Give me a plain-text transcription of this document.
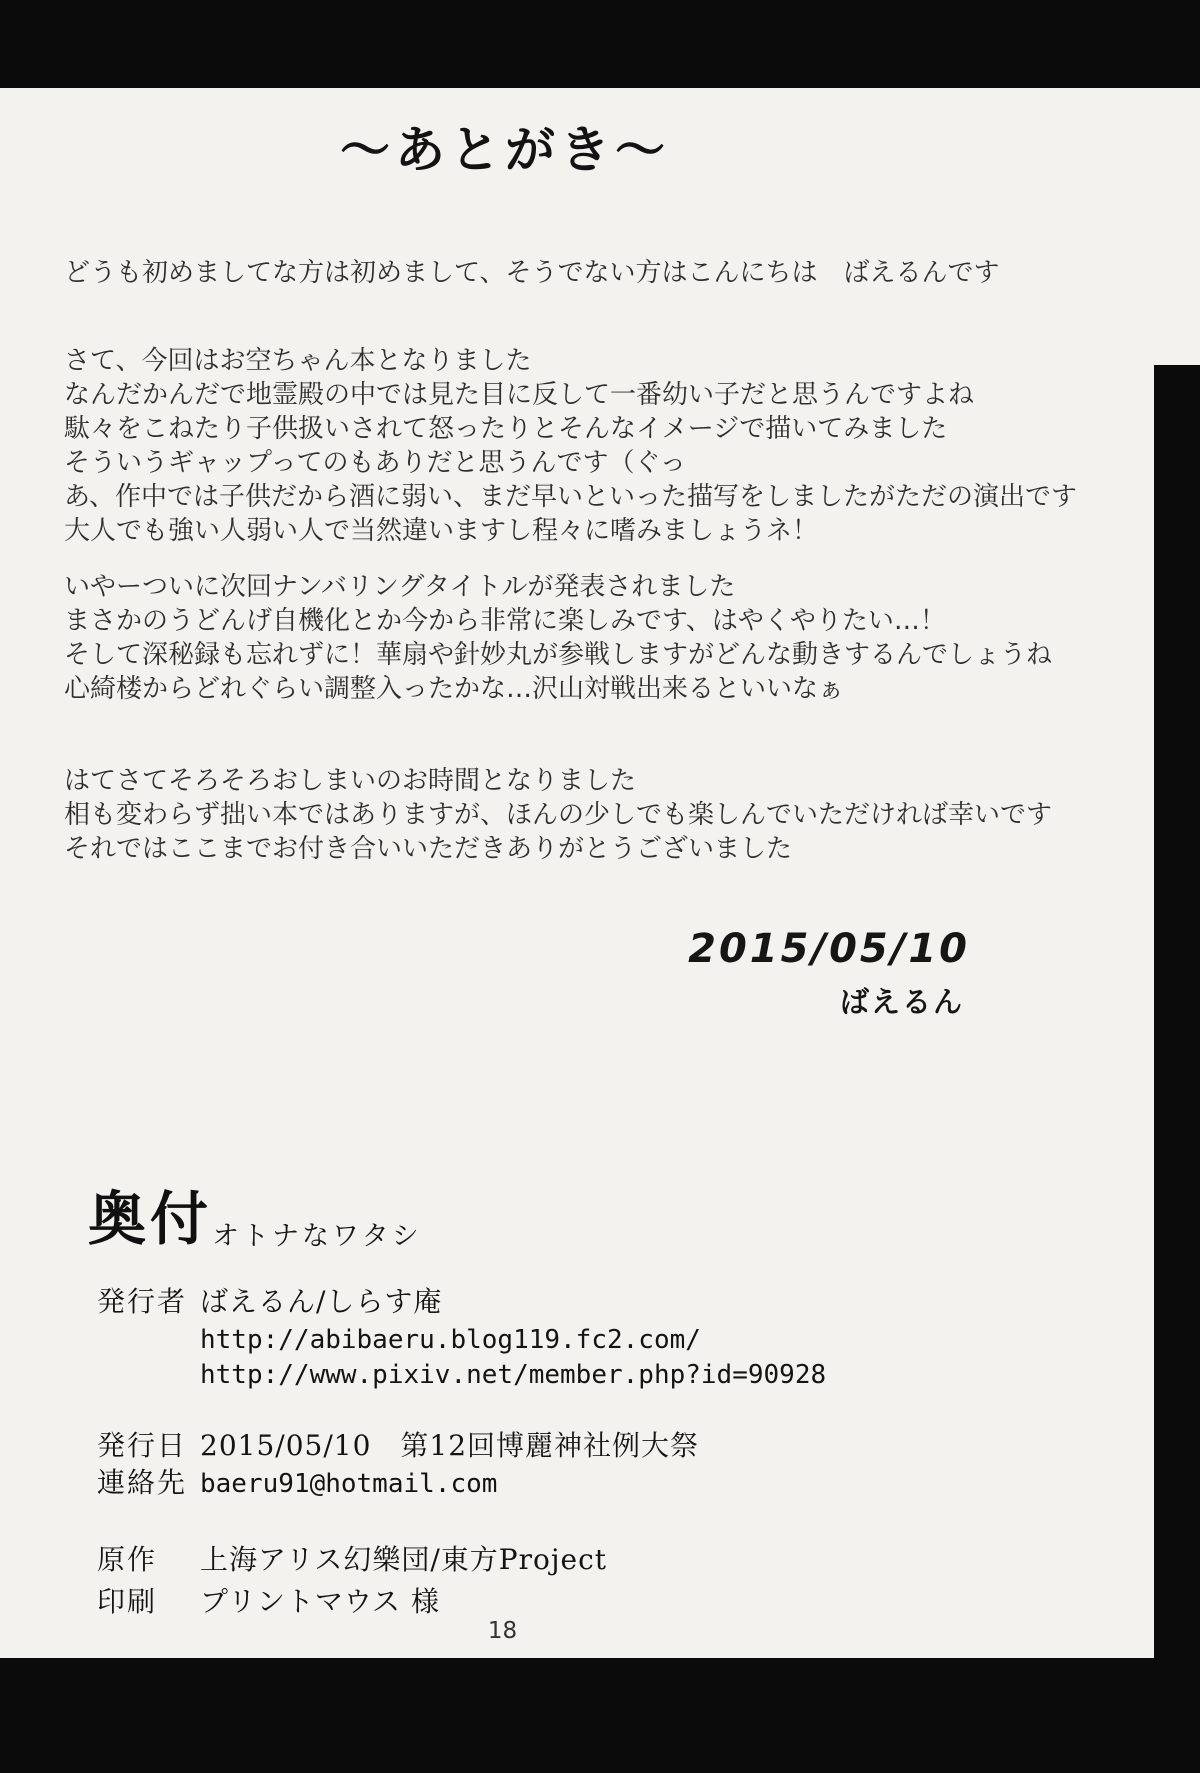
～あとがき～
どうも初めましてな方は初めまして、そうでない方はこんにちは　ばえるんです
さて、今回はお空ちゃん本となりました
なんだかんだで地霊殿の中では見た目に反して一番幼い子だと思うんですよね
駄々をこねたり子供扱いされて怒ったりとそんなイメージで描いてみました
そういうギャップってのもありだと思うんです（ぐっ
あ、作中では子供だから酒に弱い、まだ早いといった描写をしましたがただの演出です
大人でも強い人弱い人で当然違いますし程々に嗜みましょうネ！
いやーついに次回ナンバリングタイトルが発表されました
まさかのうどんげ自機化とか今から非常に楽しみです、はやくやりたい…！
そして深秘録も忘れずに！華扇や針妙丸が参戦しますがどんな動きするんでしょうね
心綺楼からどれぐらい調整入ったかな…沢山対戦出来るといいなぁ
はてさてそろそろおしまいのお時間となりました
相も変わらず拙い本ではありますが、ほんの少しでも楽しんでいただければ幸いです
それではここまでお付き合いいただきありがとうございました
2015/05/10
ばえるん
奥付 オトナなワタシ
発行者 ばえるん/しらす庵
http://abibaeru.blog119.fc2.com/
http://www.pixiv.net/member.php?id=90928
発行日 2015/05/10　第12回博麗神社例大祭
連絡先 baeru91@hotmail.com
原作 上海アリス幻樂団/東方Project
印刷 プリントマウス 様
18
